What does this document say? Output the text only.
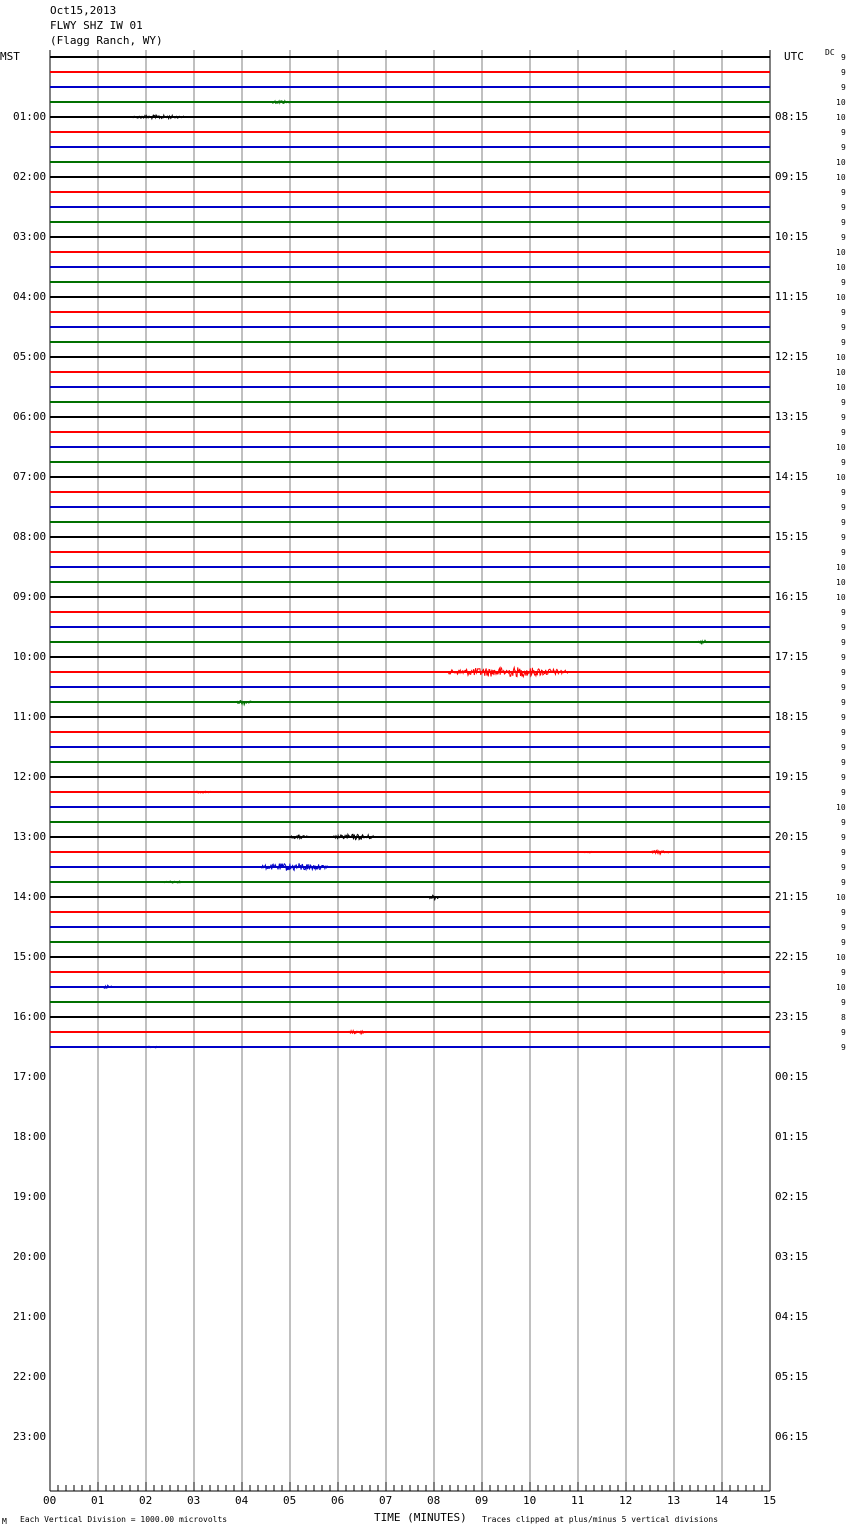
Oct15,2013
FLWY SHZ IW 01
(Flagg Ranch, WY)
MST	UTC	DC
00	01	02	03	04	05	06	07	08	09	10	11	12	13	14	15
01:00
02:00
03:00
04:00
05:00
06:00
07:00
08:00
09:00
10:00
11:00
12:00
13:00
14:00
15:00
16:00
17:00
18:00
19:00
20:00
21:00
22:00
23:00
08:15
09:15
10:15
11:15
12:15
13:15
14:15
15:15
16:15
17:15
18:15
19:15
20:15
21:15
22:15
23:15
00:15
01:15
02:15
03:15
04:15
05:15
06:15
9
9
9
10
10
9
9
10
10
9
9
9
9
10
10
9
10
9
9
9
10
10
10
9
9
9
10
9
10
9
9
9
9
9
10
10
10
9
9
9
9
9
9
9
9
9
9
9
9
9
10
9
9
9
9
9
10
9
9
9
10
9
10
9
8
9
9
M Each Vertical Division = 1000.00 microvolts	TIME (MINUTES) Traces clipped at plus/minus 5 vertical divisions
